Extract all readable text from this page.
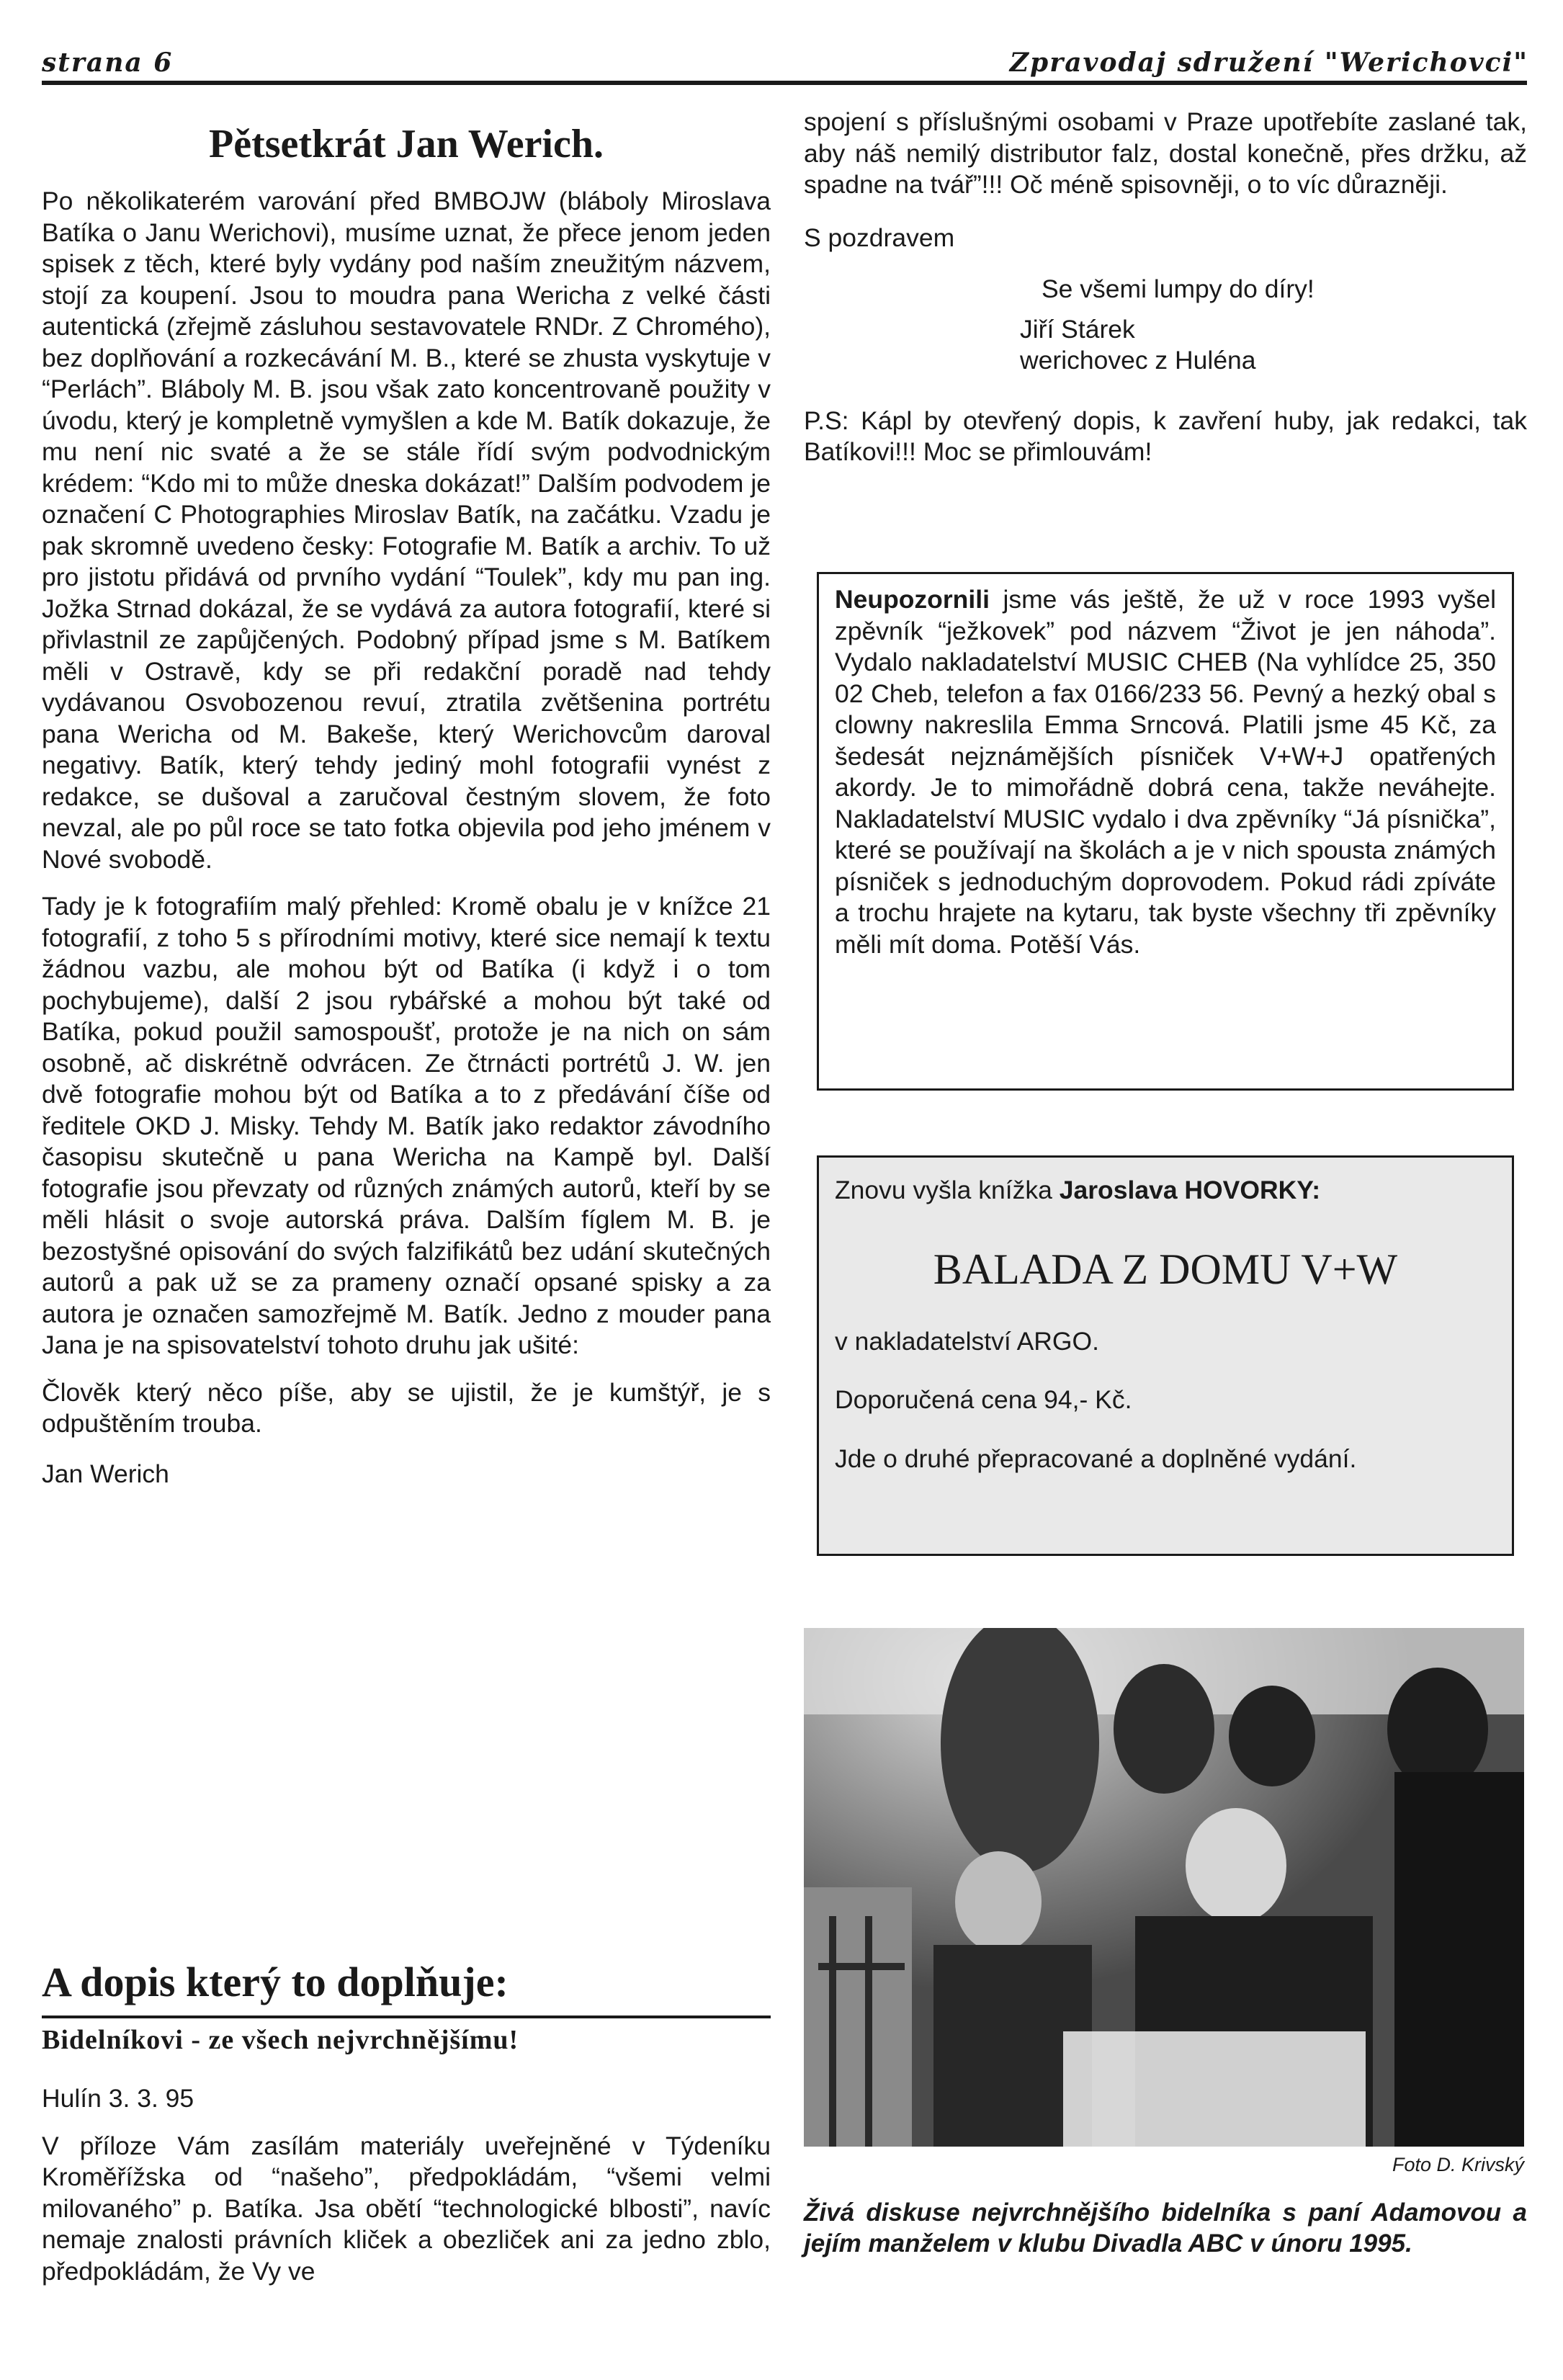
strana 6	Zpravodaj sdružení "Werichovci"
Pětsetkrát Jan Werich.

Po několikaterém varování před BMBOJW (bláboly Miroslava Batíka o Janu Werichovi), musíme uznat, že přece jenom jeden spisek z těch, které byly vydány pod naším zneužitým názvem, stojí za koupení. Jsou to moudra pana Wericha z velké části autentická (zřejmě zásluhou sestavovatele RNDr. Z Chromého), bez doplňování a rozkecávání M. B., které se zhusta vyskytuje v “Perlách”. Bláboly M. B. jsou však zato koncentrovaně použity v úvodu, který je kompletně vymyšlen a kde M. Batík dokazuje, že mu není nic svaté a že se stále řídí svým podvodnickým krédem: “Kdo mi to může dneska dokázat!” Dalším podvodem je označení C Photographies Miroslav Batík, na začátku. Vzadu je pak skromně uvedeno česky: Fotografie M. Batík a archiv. To už pro jistotu přidává od prvního vydání “Toulek”, kdy mu pan ing. Jožka Strnad dokázal, že se vydává za autora fotografií, které si přivlastnil ze zapůjčených. Podobný případ jsme s M. Batíkem měli v Ostravě, kdy se při redakční poradě nad tehdy vydávanou Osvobozenou revuí, ztratila zvětšenina portrétu pana Wericha od M. Bakeše, který Werichovcům daroval negativy. Batík, který tehdy jediný mohl fotografii vynést z redakce, se dušoval a zaručoval čestným slovem, že foto nevzal, ale po půl roce se tato fotka objevila pod jeho jménem v Nové svobodě.

Tady je k fotografiím malý přehled: Kromě obalu je v knížce 21 fotografií, z toho 5 s přírodními motivy, které sice nemají k textu žádnou vazbu, ale mohou být od Batíka (i když i o tom pochybujeme), další 2 jsou rybářské a mohou být také od Batíka, pokud použil samospoušť, protože je na nich on sám osobně, ač diskrétně odvrácen. Ze čtrnácti portrétů J. W. jen dvě fotografie mohou být od Batíka a to z předávání číše od ředitele OKD J. Misky. Tehdy M. Batík jako redaktor závodního časopisu skutečně u pana Wericha na Kampě byl. Další fotografie jsou převzaty od různých známých autorů, kteří by se měli hlásit o svoje autorská práva. Dalším fíglem M. B. je bezostyšné opisování do svých falzifikátů bez udání skutečných autorů a pak už se za prameny označí opsané spisky a za autora je označen samozřejmě M. Batík. Jedno z mouder pana Jana je na spisovatelství tohoto druhu jak ušité:

Člověk který něco píše, aby se ujistil, že je kumštýř, je s odpuštěním trouba.

Jan Werich

A dopis který to doplňuje:
Bidelníkovi - ze všech nejvrchnějšímu!

Hulín 3. 3. 95

V příloze Vám zasílám materiály uveřejněné v Týdeníku Kroměřížska od “našeho”, předpokládám, “všemi velmi milovaného” p. Batíka. Jsa obětí “technologické blbosti”, navíc nemaje znalosti právních kliček a obezliček ani za jedno zblo, předpokládám, že Vy ve

spojení s příslušnými osobami v Praze upotřebíte zaslané tak, aby náš nemilý distributor falz, dostal konečně, přes držku, až spadne na tvář”!!! Oč méně spisovněji, o to víc důrazněji.

S pozdravem

Se všemi lumpy do díry!

Jiří Stárek

werichovec z Huléna

P.S: Kápl by otevřený dopis, k zavření huby, jak redakci, tak Batíkovi!!! Moc se přimlouvám!

Neupozornili jsme vás ještě, že už v roce 1993 vyšel zpěvník “ježkovek” pod názvem “Život je jen náhoda”. Vydalo nakladatelství MUSIC CHEB (Na vyhlídce 25, 350 02 Cheb, telefon a fax 0166/233 56. Pevný a hezký obal s clowny nakreslila Emma Srncová. Platili jsme 45 Kč, za šedesát nejznámějších písniček V+W+J opatřených akordy. Je to mimořádně dobrá cena, takže neváhejte. Nakladatelství MUSIC vydalo i dva zpěvníky “Já písnička”, které se používají na školách a je v nich spousta známých písniček s jednoduchým doprovodem. Pokud rádi zpíváte a trochu hrajete na kytaru, tak byste všechny tři zpěvníky měli mít doma. Potěší Vás.

Znovu vyšla knížka Jaroslava HOVORKY:
BALADA Z DOMU V+W
v nakladatelství ARGO.
Doporučená cena 94,- Kč.
Jde o druhé přepracované a doplněné vydání.
Foto D. Krivský
Živá diskuse nejvrchnějšího bidelníka s paní Adamovou a jejím manželem v klubu Divadla ABC v únoru 1995.
